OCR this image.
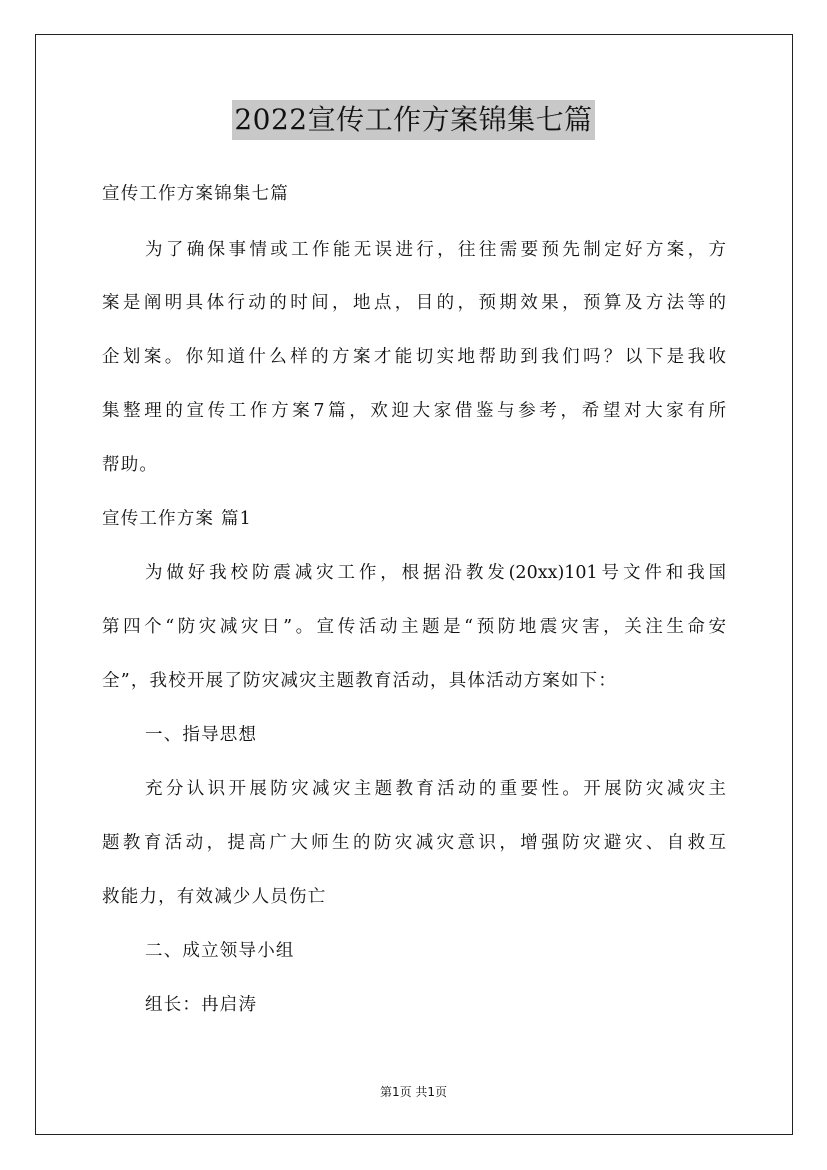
2022宣传工作方案锦集七篇
宣传工作方案锦集七篇
为了确保事情或工作能无误进行，往往需要预先制定好方案，方
案是阐明具体行动的时间，地点，目的，预期效果，预算及方法等的
企划案。你知道什么样的方案才能切实地帮助到我们吗？以下是我收
集整理的宣传工作方案7篇，欢迎大家借鉴与参考，希望对大家有所
帮助。
宣传工作方案 篇1
为做好我校防震减灾工作，根据沿教发(20xx)101号文件和我国
第四个“防灾减灾日”。宣传活动主题是“预防地震灾害，关注生命安
全”，我校开展了防灾减灾主题教育活动，具体活动方案如下：
一、指导思想
充分认识开展防灾减灾主题教育活动的重要性。开展防灾减灾主
题教育活动，提高广大师生的防灾减灾意识，增强防灾避灾、自救互
救能力，有效减少人员伤亡
二、成立领导小组
组长：冉启涛
第1页 共1页
